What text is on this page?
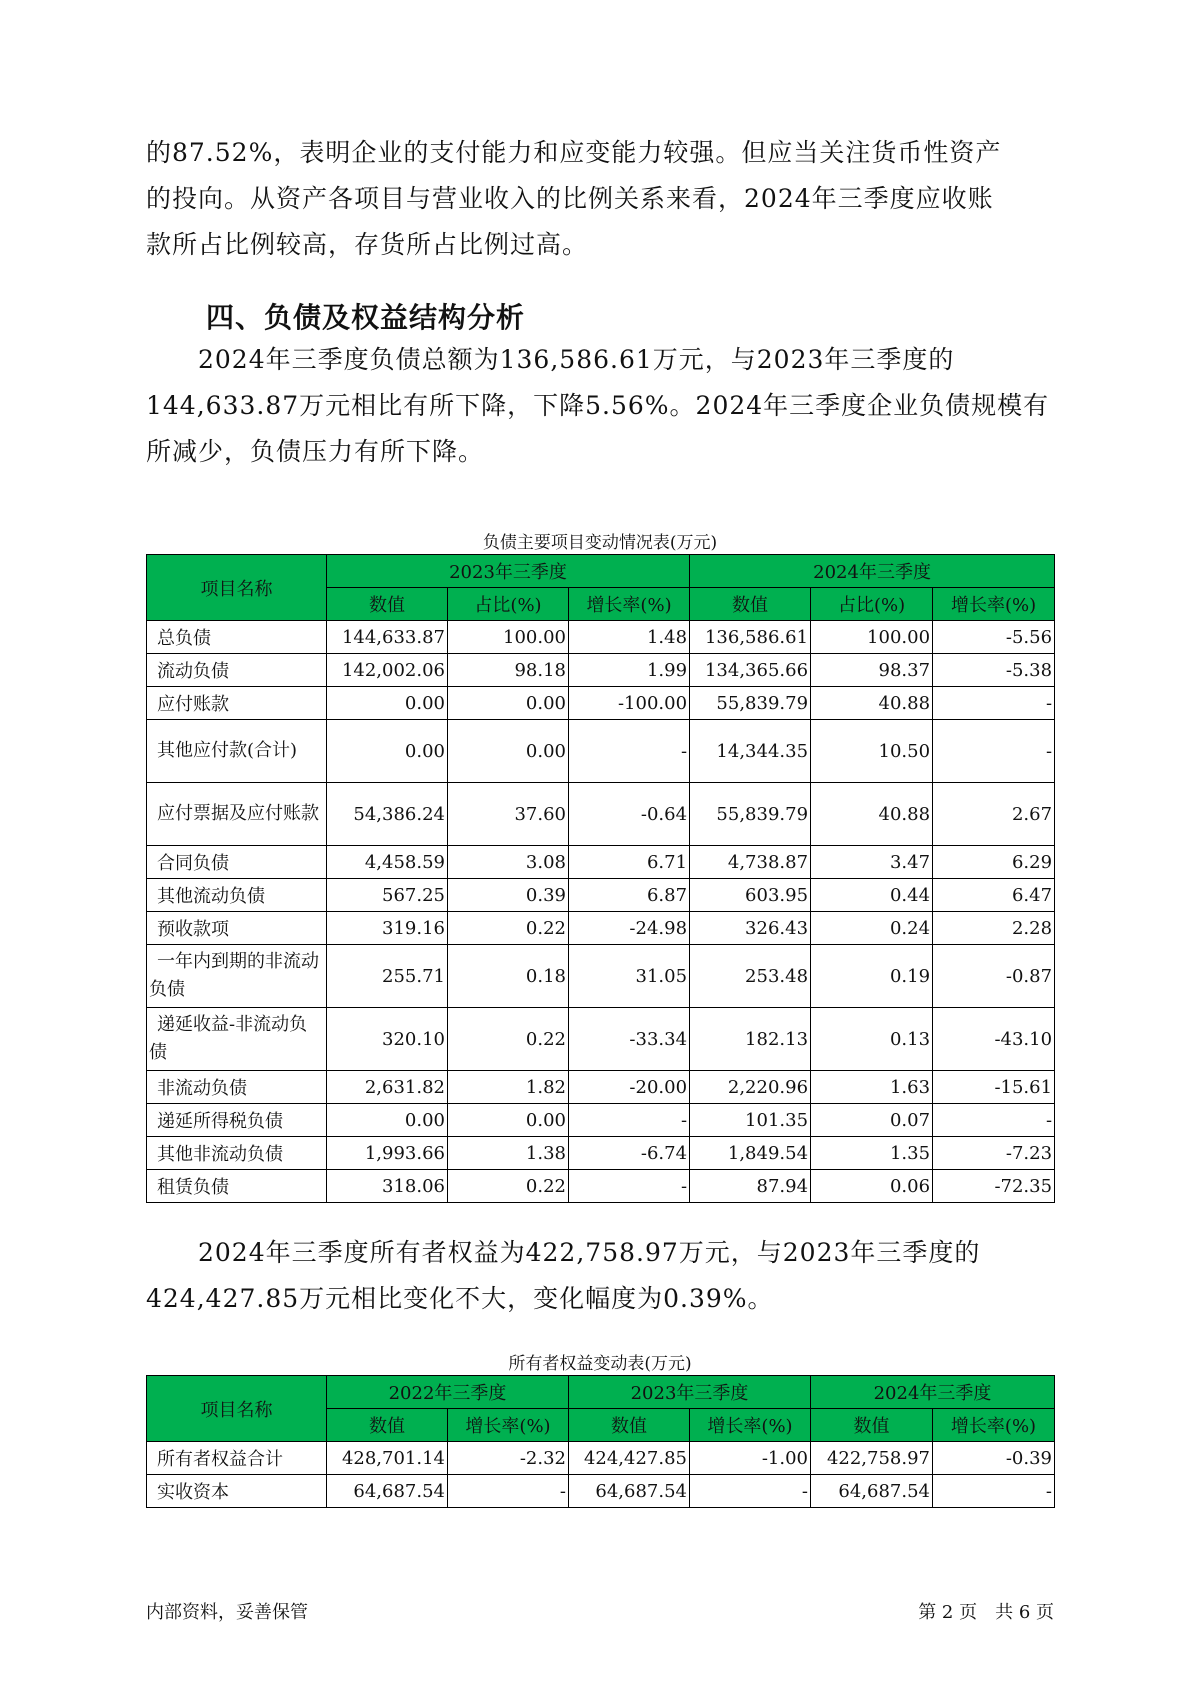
的87.52%，表明企业的支付能力和应变能力较强。但应当关注货币性资产
的投向。从资产各项目与营业收入的比例关系来看，2024年三季度应收账
款所占比例较高，存货所占比例过高。
四、负债及权益结构分析
　　2024年三季度负债总额为136,586.61万元，与2023年三季度的
144,633.87万元相比有所下降，下降5.56%。2024年三季度企业负债规模有
所减少，负债压力有所下降。

负债主要项目变动情况表(万元)

项目名称	2023年三季度			2024年三季度		
	数值	占比(%)	增长率(%)	数值	占比(%)	增长率(%)
总负债	144,633.87	100.00	1.48	136,586.61	100.00	-5.56
流动负债	142,002.06	98.18	1.99	134,365.66	98.37	-5.38
应付账款	0.00	0.00	-100.00	55,839.79	40.88	-
其他应付款(合计)	0.00	0.00	-	14,344.35	10.50	-
应付票据及应付账款	54,386.24	37.60	-0.64	55,839.79	40.88	2.67
合同负债	4,458.59	3.08	6.71	4,738.87	3.47	6.29
其他流动负债	567.25	0.39	6.87	603.95	0.44	6.47
预收款项	319.16	0.22	-24.98	326.43	0.24	2.28
一年内到期的非流动负债	255.71	0.18	31.05	253.48	0.19	-0.87
递延收益-非流动负债	320.10	0.22	-33.34	182.13	0.13	-43.10
非流动负债	2,631.82	1.82	-20.00	2,220.96	1.63	-15.61
递延所得税负债	0.00	0.00	-	101.35	0.07	-
其他非流动负债	1,993.66	1.38	-6.74	1,849.54	1.35	-7.23
租赁负债	318.06	0.22	-	87.94	0.06	-72.35
　　2024年三季度所有者权益为422,758.97万元，与2023年三季度的
424,427.85万元相比变化不大，变化幅度为0.39%。

所有者权益变动表(万元)

项目名称	2022年三季度		2023年三季度		2024年三季度	
	数值	增长率(%)	数值	增长率(%)	数值	增长率(%)
所有者权益合计	428,701.14	-2.32	424,427.85	-1.00	422,758.97	-0.39
实收资本	64,687.54	-	64,687.54	-	64,687.54	-

内部资料，妥善保管	第 2 页　共 6 页
